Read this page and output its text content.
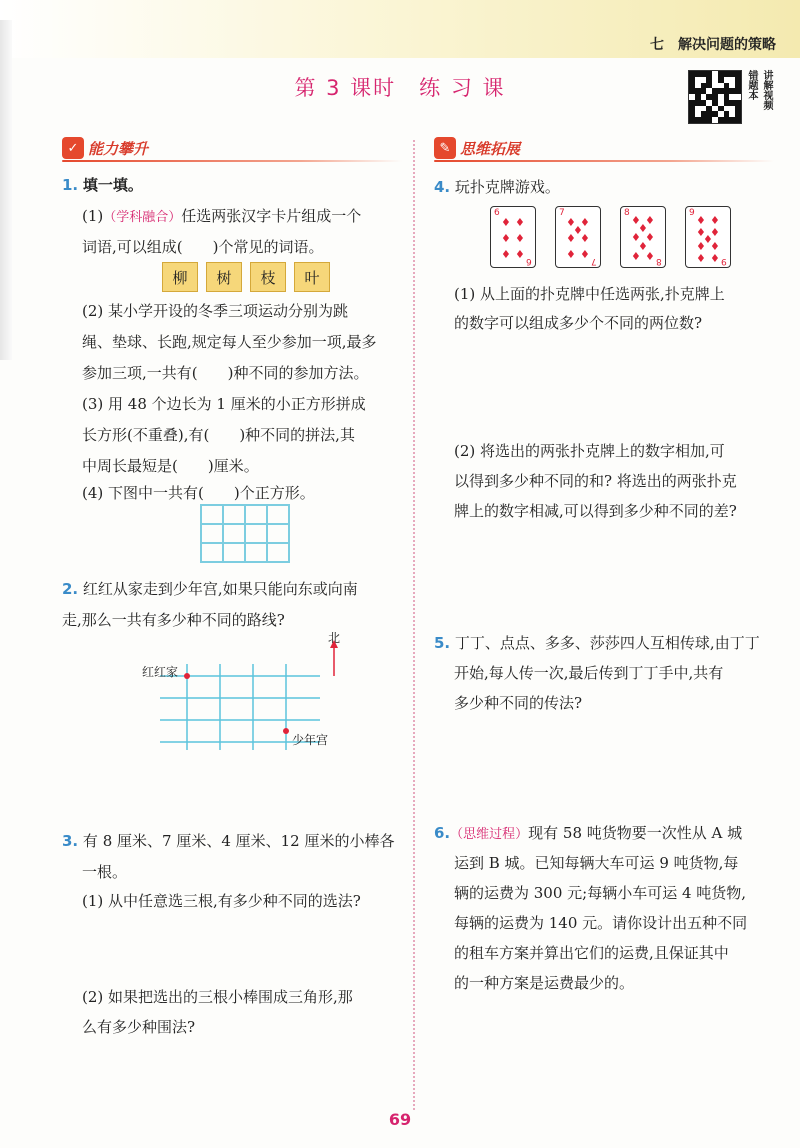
七　解决问题的策略
第 3 课时　练 习 课	错题本 讲解视频
✓ 能力攀升
1. 填一填。
(1)（学科融合）任选两张汉字卡片组成一个
词语,可以组成(　　)个常见的词语。
柳	树	枝	叶
(2) 某小学开设的冬季三项运动分别为跳
绳、垫球、长跑,规定每人至少参加一项,最多
参加三项,一共有(　　)种不同的参加方法。
(3) 用 48 个边长为 1 厘米的小正方形拼成
长方形(不重叠),有(　　)种不同的拼法,其
中周长最短是(　　)厘米。
(4) 下图中一共有(　　)个正方形。

2. 红红从家走到少年宫,如果只能向东或向南
走,那么一共有多少种不同的路线?
北
红红家
少年宫
3. 有 8 厘米、7 厘米、4 厘米、12 厘米的小棒各
一根。
(1) 从中任意选三根,有多少种不同的选法?
(2) 如果把选出的三根小棒围成三角形,那
么有多少种围法?
✎ 思维拓展
4. 玩扑克牌游戏。
6
6
♦ ♦
♦ ♦
♦ ♦
7
7
♦ ♦
♦
♦ ♦
♦ ♦
8
8
♦ ♦
♦
♦ ♦
♦
♦ ♦
9
9
♦ ♦
♦ ♦
♦
♦ ♦
♦ ♦
(1) 从上面的扑克牌中任选两张,扑克牌上
的数字可以组成多少个不同的两位数?
(2) 将选出的两张扑克牌上的数字相加,可
以得到多少种不同的和? 将选出的两张扑克
牌上的数字相减,可以得到多少种不同的差?
5. 丁丁、点点、多多、莎莎四人互相传球,由丁丁
开始,每人传一次,最后传到丁丁手中,共有
多少种不同的传法?
6.（思维过程）现有 58 吨货物要一次性从 A 城
运到 B 城。已知每辆大车可运 9 吨货物,每
辆的运费为 300 元;每辆小车可运 4 吨货物,
每辆的运费为 140 元。请你设计出五种不同
的租车方案并算出它们的运费,且保证其中
的一种方案是运费最少的。
69
